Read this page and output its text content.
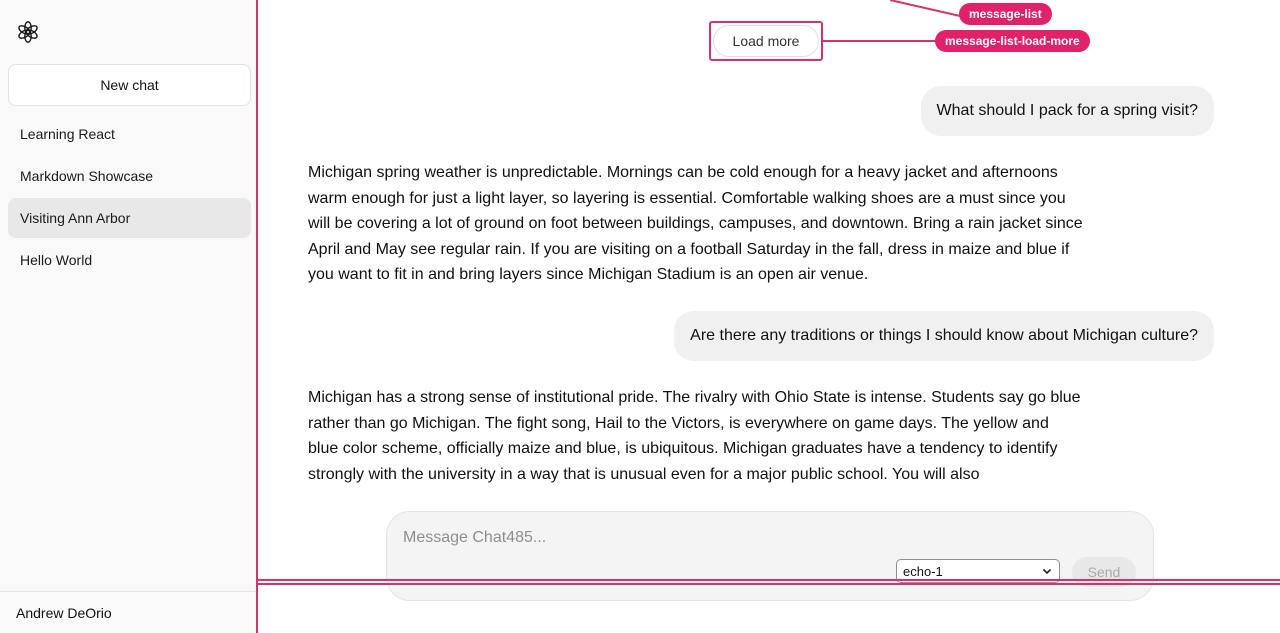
New chat
Learning React
Markdown Showcase
Visiting Ann Arbor
Hello World
Andrew DeOrio
Load more
What should I pack for a spring visit?
Michigan spring weather is unpredictable. Mornings can be cold enough for a heavy jacket and afternoons warm enough for just a light layer, so layering is essential. Comfortable walking shoes are a must since you will be covering a lot of ground on foot between buildings, campuses, and downtown. Bring a rain jacket since April and May see regular rain. If you are visiting on a football Saturday in the fall, dress in maize and blue if you want to fit in and bring layers since Michigan Stadium is an open air venue.
Are there any traditions or things I should know about Michigan culture?
Michigan has a strong sense of institutional pride. The rivalry with Ohio State is intense. Students say go blue rather than go Michigan. The fight song, Hail to the Victors, is everywhere on game days. The yellow and blue color scheme, officially maize and blue, is ubiquitous. Michigan graduates have a tendency to identify strongly with the university in a way that is unusual even for a major public school. You will also
Message Chat485...
echo-1	Send
message-list
message-list-load-more
